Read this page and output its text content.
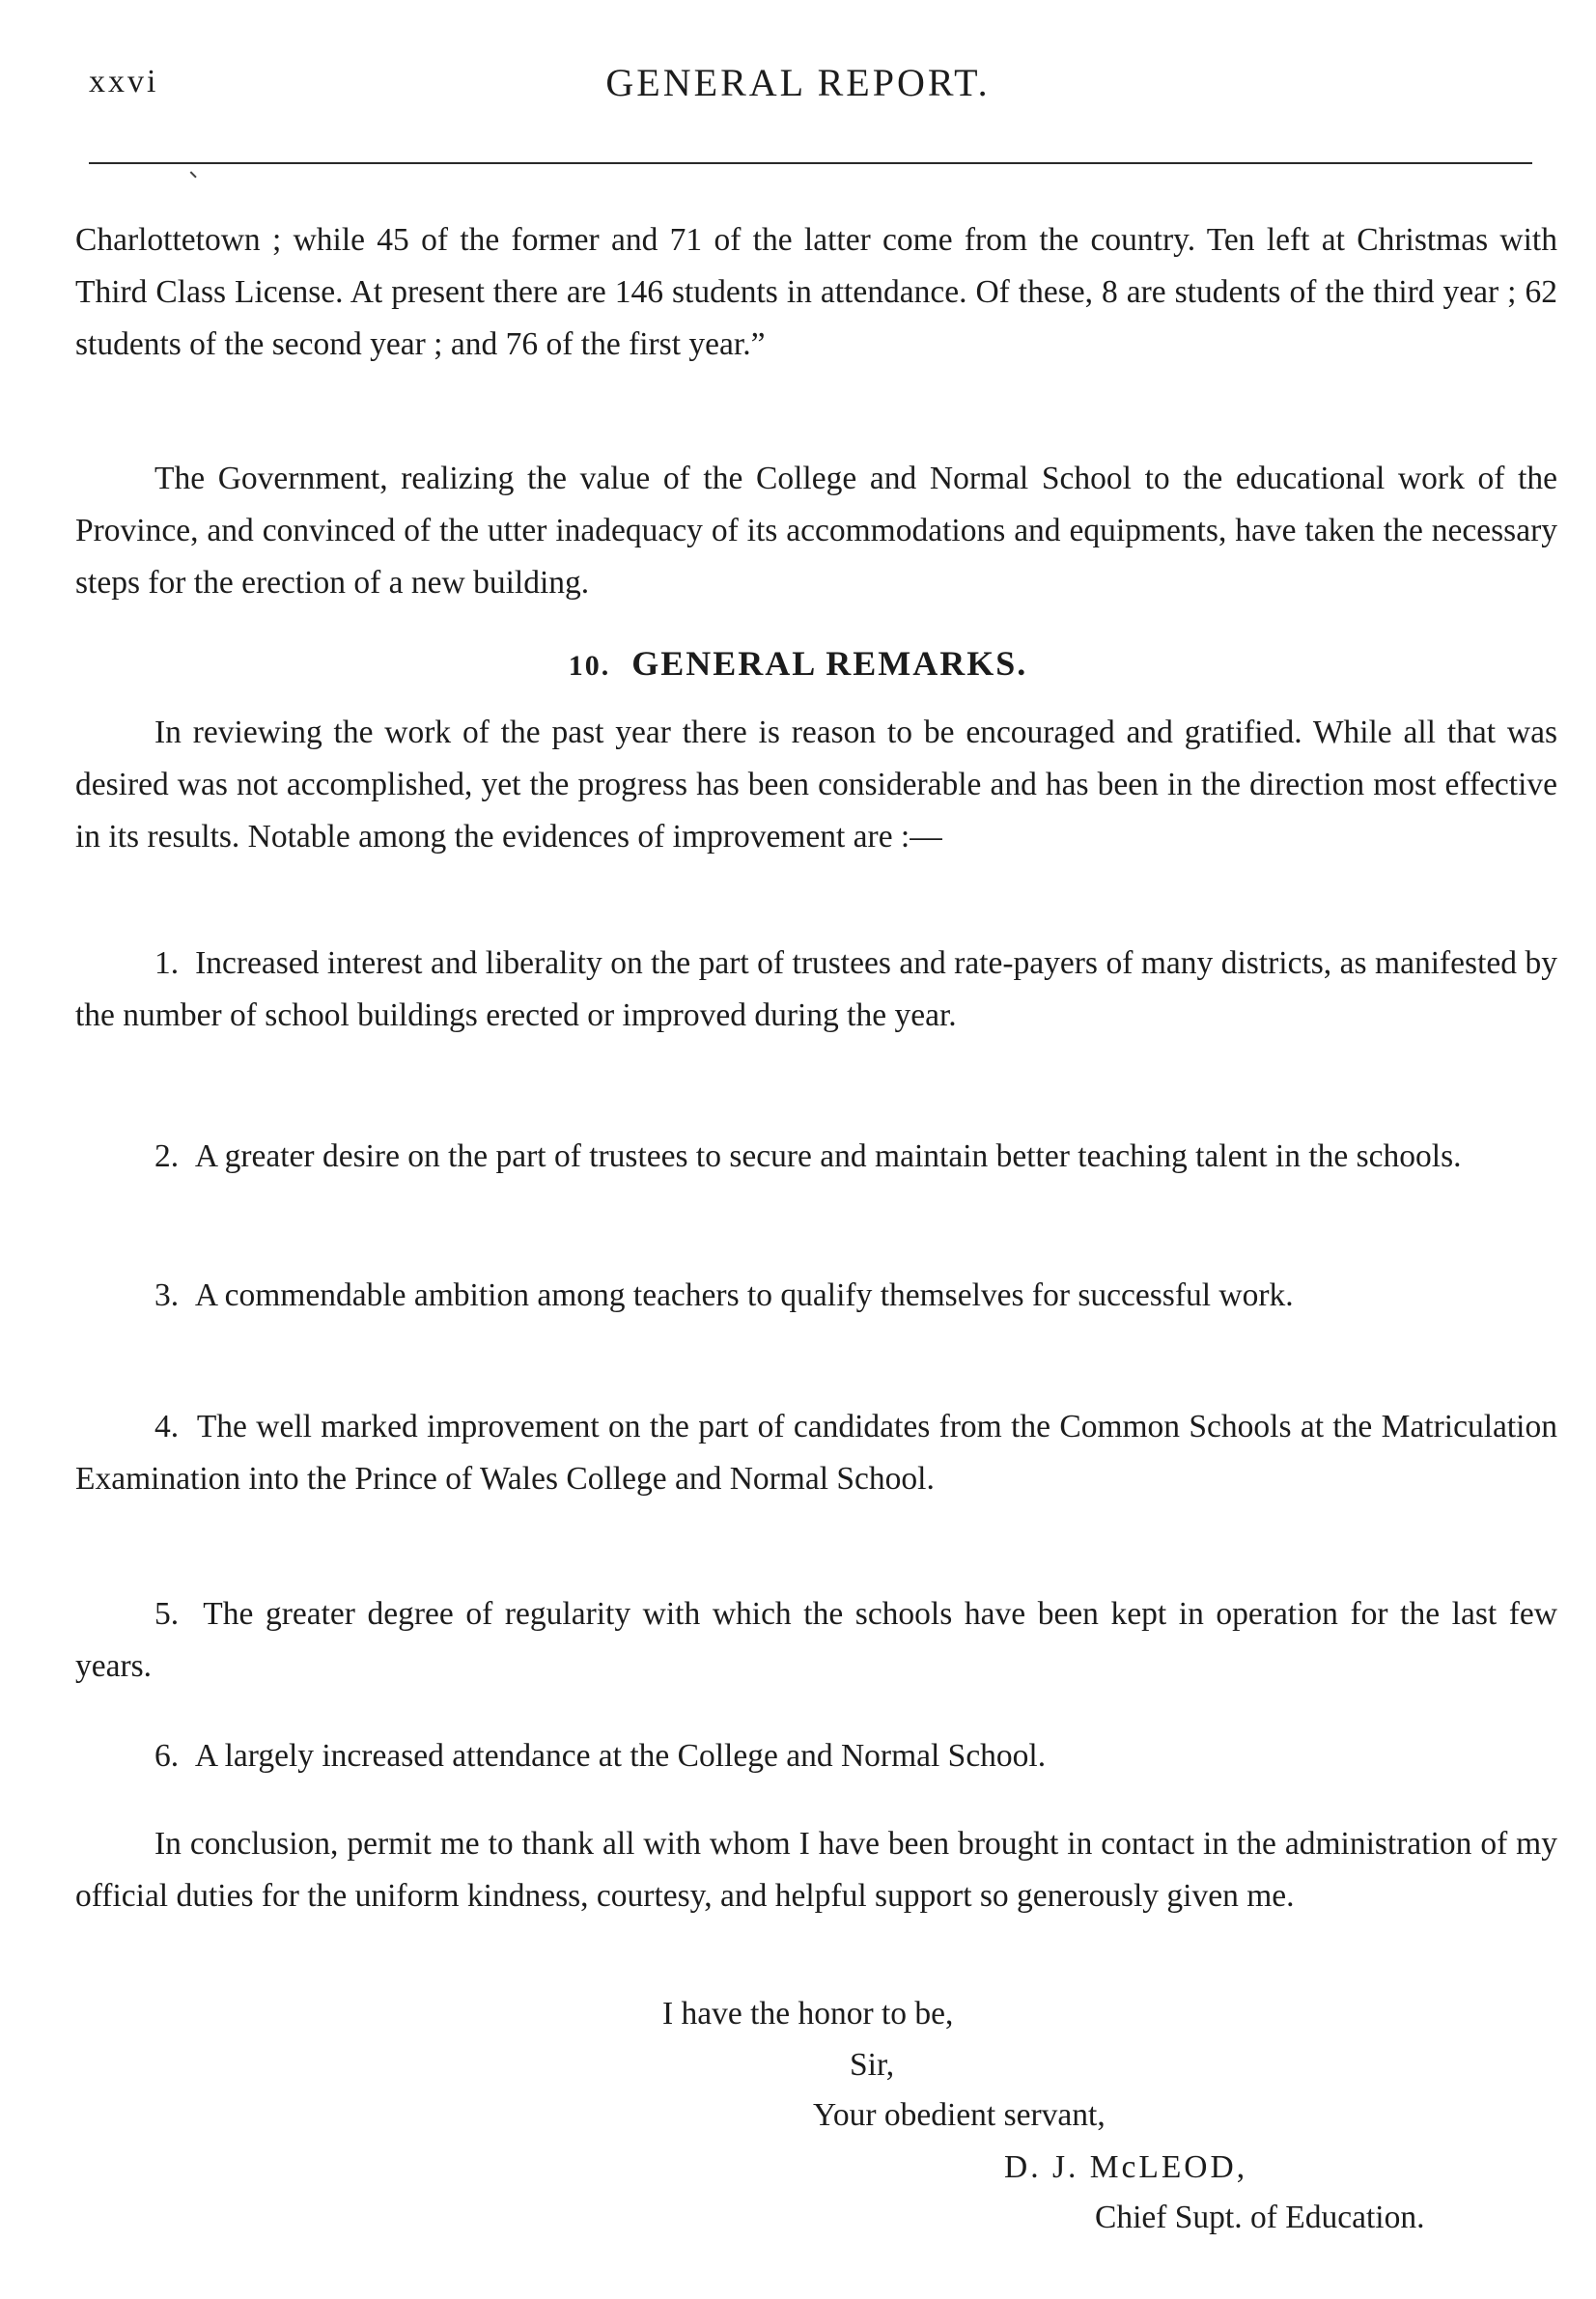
xxvi	GENERAL REPORT.

Charlottetown ; while 45 of the former and 71 of the latter come from the country. Ten left at Christmas with Third Class License. At present there are 146 students in attendance. Of these, 8 are students of the third year ; 62 students of the second year ; and 76 of the first year.”

The Government, realizing the value of the College and Normal School to the educational work of the Province, and convinced of the utter inadequacy of its accommodations and equipments, have taken the necessary steps for the erection of a new building.

10. GENERAL REMARKS.

In reviewing the work of the past year there is reason to be encouraged and gratified. While all that was desired was not accomplished, yet the progress has been considerable and has been in the direction most effective in its results. Notable among the evidences of improvement are :—

1. Increased interest and liberality on the part of trustees and rate-payers of many districts, as manifested by the number of school buildings erected or improved during the year.

2. A greater desire on the part of trustees to secure and maintain better teaching talent in the schools.

3. A commendable ambition among teachers to qualify themselves for successful work.

4. The well marked improvement on the part of candidates from the Common Schools at the Matriculation Examination into the Prince of Wales College and Normal School.

5. The greater degree of regularity with which the schools have been kept in operation for the last few years.

6. A largely increased attendance at the College and Normal School.

In conclusion, permit me to thank all with whom I have been brought in contact in the administration of my official duties for the uniform kindness, courtesy, and helpful support so generously given me.

I have the honor to be,

Sir,

Your obedient servant,

D. J. McLEOD,

Chief Supt. of Education.
